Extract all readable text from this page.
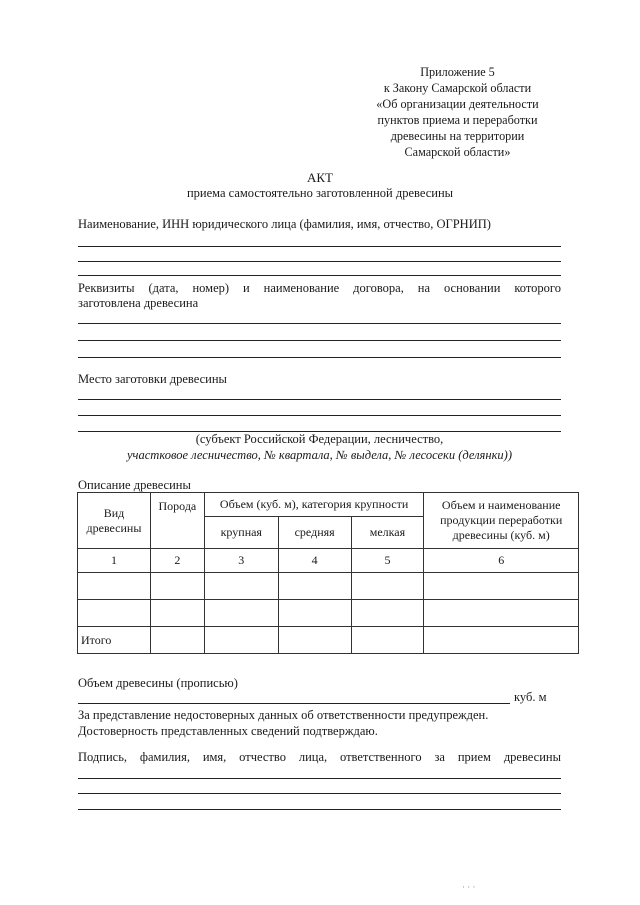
Приложение 5
к Закону Самарской области
«Об организации деятельности
пунктов приема и переработки
древесины на территории
Самарской области»
АКТ
приема самостоятельно заготовленной древесины
Наименование, ИНН юридического лица (фамилия, имя, отчество, ОГРНИП)
Реквизиты (дата, номер) и наименование договора, на основании которого
заготовлена древесина
Место заготовки древесины
(субъект Российской Федерации, лесничество,
участковое лесничество, № квартала, № выдела, № лесосеки (делянки))
Описание древесины
Вид древесины	Порода	Объем (куб. м), категория крупности			Объем и наименование продукции переработки древесины (куб. м)
		крупная	средняя	мелкая	
1	2	3	4	5	6

Итого					
Объем древесины (прописью)
куб. м
За представление недостоверных данных об ответственности предупрежден.
Достоверность представленных сведений подтверждаю.
Подпись, фамилия, имя, отчество лица, ответственного за прием древесины
· · ·
